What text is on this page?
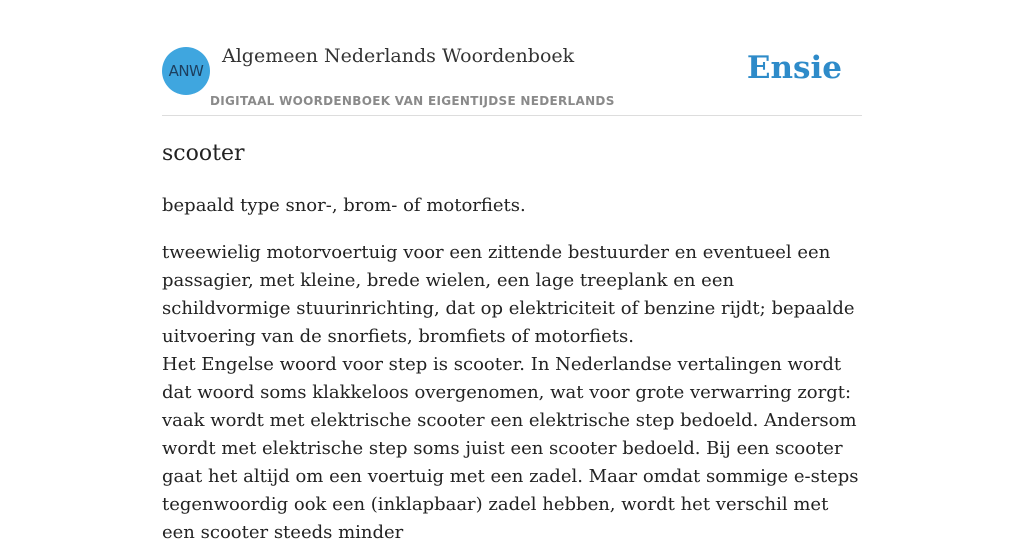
ANW
Algemeen Nederlands Woordenboek
DIGITAAL WOORDENBOEK VAN EIGENTIJDSE NEDERLANDS
Ensie
scooter

bepaald type snor-, brom- of motorfiets.

tweewielig motorvoertuig voor een zittende bestuurder en eventueel een passagier, met kleine, brede wielen, een lage treeplank en een schildvormige stuurinrichting, dat op elektriciteit of benzine rijdt; bepaalde uitvoering van de snorfiets, bromfiets of motorfiets.

Het Engelse woord voor step is scooter. In Nederlandse vertalingen wordt dat woord soms klakkeloos overgenomen, wat voor grote verwarring zorgt: vaak wordt met elektrische scooter een elektrische step bedoeld. Andersom wordt met elektrische step soms juist een scooter bedoeld. Bij een scooter gaat het altijd om een voertuig met een zadel. Maar omdat sommige e-steps tegenwoordig ook een (inklapbaar) zadel hebben, wordt het verschil met een scooter steeds minder
